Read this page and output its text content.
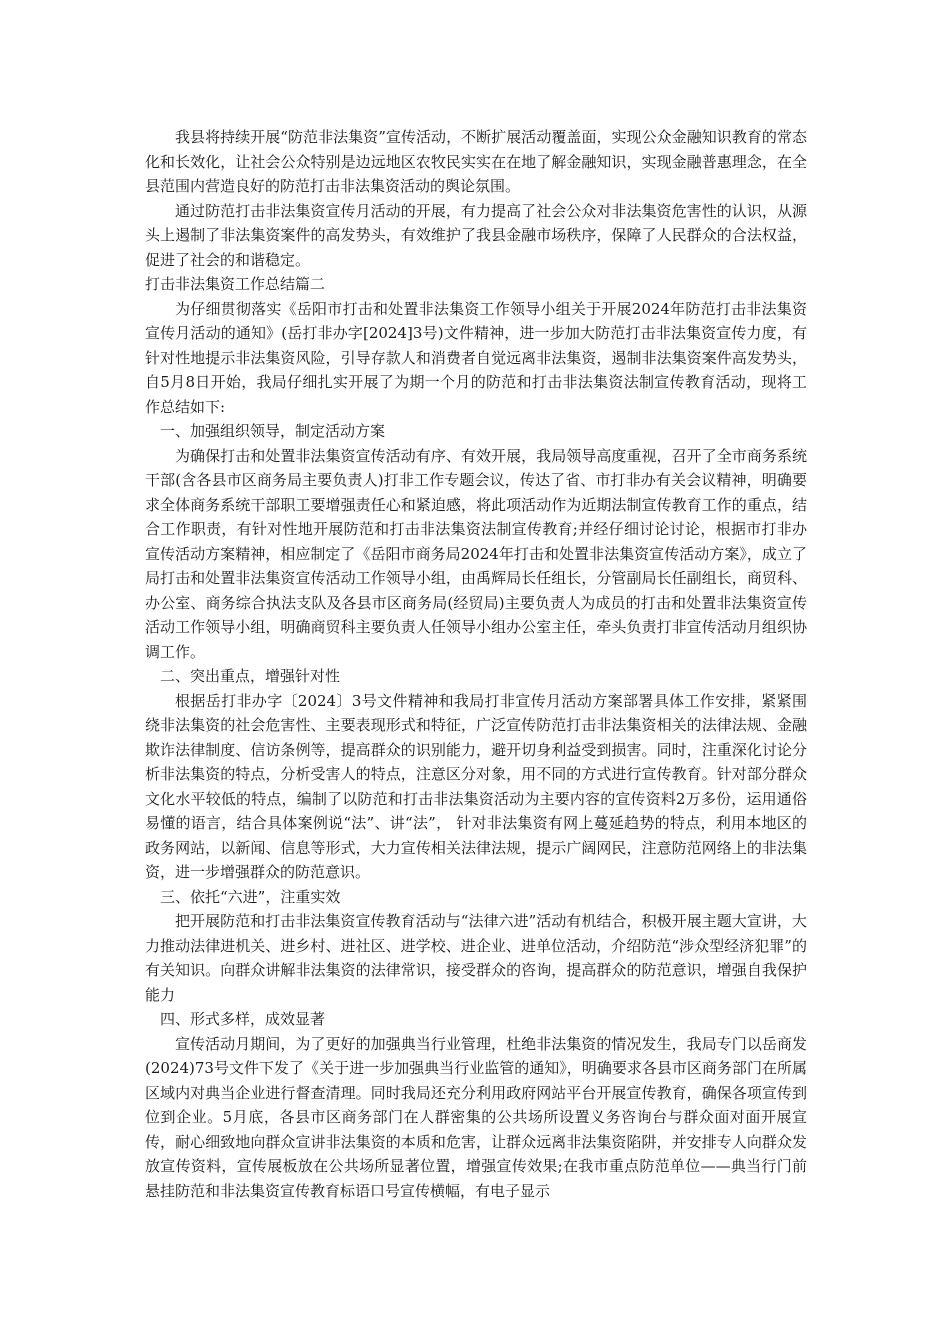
我县将持续开展“防范非法集资”宣传活动，不断扩展活动覆盖面，实现公众金融知识教育的常态化和长效化，让社会公众特别是边远地区农牧民实实在在地了解金融知识，实现金融普惠理念，在全县范围内营造良好的防范打击非法集资活动的舆论氛围。

通过防范打击非法集资宣传月活动的开展，有力提高了社会公众对非法集资危害性的认识，从源头上遏制了非法集资案件的高发势头，有效维护了我县金融市场秩序，保障了人民群众的合法权益，促进了社会的和谐稳定。

打击非法集资工作总结篇二

为仔细贯彻落实《岳阳市打击和处置非法集资工作领导小组关于开展2024年防范打击非法集资宣传月活动的通知》(岳打非办字[2024]3号)文件精神，进一步加大防范打击非法集资宣传力度，有针对性地提示非法集资风险，引导存款人和消费者自觉远离非法集资，遏制非法集资案件高发势头，自5月8日开始，我局仔细扎实开展了为期一个月的防范和打击非法集资法制宣传教育活动，现将工作总结如下:

一、加强组织领导，制定活动方案

为确保打击和处置非法集资宣传活动有序、有效开展，我局领导高度重视，召开了全市商务系统干部(含各县市区商务局主要负责人)打非工作专题会议，传达了省、市打非办有关会议精神，明确要求全体商务系统干部职工要增强责任心和紧迫感，将此项活动作为近期法制宣传教育工作的重点，结合工作职责，有针对性地开展防范和打击非法集资法制宣传教育;并经仔细讨论讨论，根据市打非办宣传活动方案精神，相应制定了《岳阳市商务局2024年打击和处置非法集资宣传活动方案》，成立了局打击和处置非法集资宣传活动工作领导小组，由禹辉局长任组长，分管副局长任副组长，商贸科、办公室、商务综合执法支队及各县市区商务局(经贸局)主要负责人为成员的打击和处置非法集资宣传活动工作领导小组，明确商贸科主要负责人任领导小组办公室主任，牵头负责打非宣传活动月组织协调工作。

二、突出重点，增强针对性

根据岳打非办字〔2024〕3号文件精神和我局打非宣传月活动方案部署具体工作安排，紧紧围绕非法集资的社会危害性、主要表现形式和特征，广泛宣传防范打击非法集资相关的法律法规、金融欺诈法律制度、信访条例等，提高群众的识别能力，避开切身利益受到损害。同时，注重深化讨论分析非法集资的特点，分析受害人的特点，注意区分对象，用不同的方式进行宣传教育。针对部分群众文化水平较低的特点，编制了以防范和打击非法集资活动为主要内容的宣传资料2万多份，运用通俗易懂的语言，结合具体案例说“法”、讲“法”， 针对非法集资有网上蔓延趋势的特点，利用本地区的政务网站，以新闻、信息等形式，大力宣传相关法律法规，提示广阔网民，注意防范网络上的非法集资，进一步增强群众的防范意识。

三、依托“六进”，注重实效

把开展防范和打击非法集资宣传教育活动与“法律六进”活动有机结合，积极开展主题大宣讲，大力推动法律进机关、进乡村、进社区、进学校、进企业、进单位活动，介绍防范“涉众型经济犯罪”的有关知识。向群众讲解非法集资的法律常识，接受群众的咨询，提高群众的防范意识，增强自我保护能力

四、形式多样，成效显著

宣传活动月期间，为了更好的加强典当行业管理，杜绝非法集资的情况发生，我局专门以岳商发(2024)73号文件下发了《关于进一步加强典当行业监管的通知》，明确要求各县市区商务部门在所属区域内对典当企业进行督查清理。同时我局还充分利用政府网站平台开展宣传教育，确保各项宣传到位到企业。5月底，各县市区商务部门在人群密集的公共场所设置义务咨询台与群众面对面开展宣传，耐心细致地向群众宣讲非法集资的本质和危害，让群众远离非法集资陷阱，并安排专人向群众发放宣传资料，宣传展板放在公共场所显著位置，增强宣传效果;在我市重点防范单位——典当行门前悬挂防范和非法集资宣传教育标语口号宣传横幅，有电子显示
